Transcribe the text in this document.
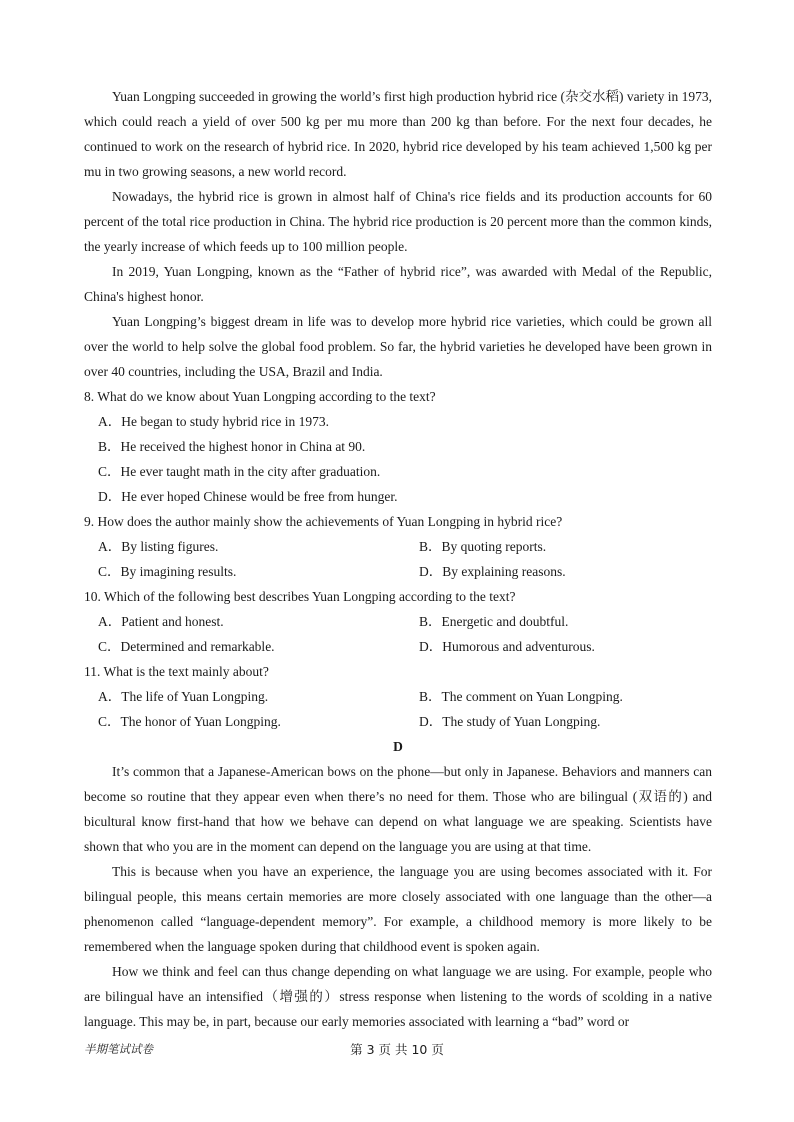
Yuan Longping succeeded in growing the world’s first high production hybrid rice (杂交水稻) variety in 1973, which could reach a yield of over 500 kg per mu more than 200 kg than before. For the next four decades, he continued to work on the research of hybrid rice. In 2020, hybrid rice developed by his team achieved 1,500 kg per mu in two growing seasons, a new world record.

Nowadays, the hybrid rice is grown in almost half of China's rice fields and its production accounts for 60 percent of the total rice production in China. The hybrid rice production is 20 percent more than the common kinds, the yearly increase of which feeds up to 100 million people.

In 2019, Yuan Longping, known as the “Father of hybrid rice”, was awarded with Medal of the Republic, China's highest honor.

Yuan Longping’s biggest dream in life was to develop more hybrid rice varieties, which could be grown all over the world to help solve the global food problem. So far, the hybrid varieties he developed have been grown in over 40 countries, including the USA, Brazil and India.

8. What do we know about Yuan Longping according to the text?

A．He began to study hybrid rice in 1973.

B．He received the highest honor in China at 90.

C．He ever taught math in the city after graduation.

D．He ever hoped Chinese would be free from hunger.

9. How does the author mainly show the achievements of Yuan Longping in hybrid rice?

A．By listing figures.	B．By quoting reports.

C．By imagining results.	D．By explaining reasons.

10. Which of the following best describes Yuan Longping according to the text?

A．Patient and honest.	B．Energetic and doubtful.

C．Determined and remarkable.	D．Humorous and adventurous.

11. What is the text mainly about?

A．The life of Yuan Longping.	B．The comment on Yuan Longping.

C．The honor of Yuan Longping.	D．The study of Yuan Longping.

D

It’s common that a Japanese-American bows on the phone—but only in Japanese. Behaviors and manners can become so routine that they appear even when there’s no need for them. Those who are bilingual (双语的) and bicultural know first-hand that how we behave can depend on what language we are speaking. Scientists have shown that who you are in the moment can depend on the language you are using at that time.

This is because when you have an experience, the language you are using becomes associated with it. For bilingual people, this means certain memories are more closely associated with one language than the other—a phenomenon called “language-dependent memory”. For example, a childhood memory is more likely to be remembered when the language spoken during that childhood event is spoken again.

How we think and feel can thus change depending on what language we are using. For example, people who are bilingual have an intensified（增强的）stress response when listening to the words of scolding in a native language. This may be, in part, because our early memories associated with learning a “bad” word or

半期笔试试卷	第 3 页 共 10 页
